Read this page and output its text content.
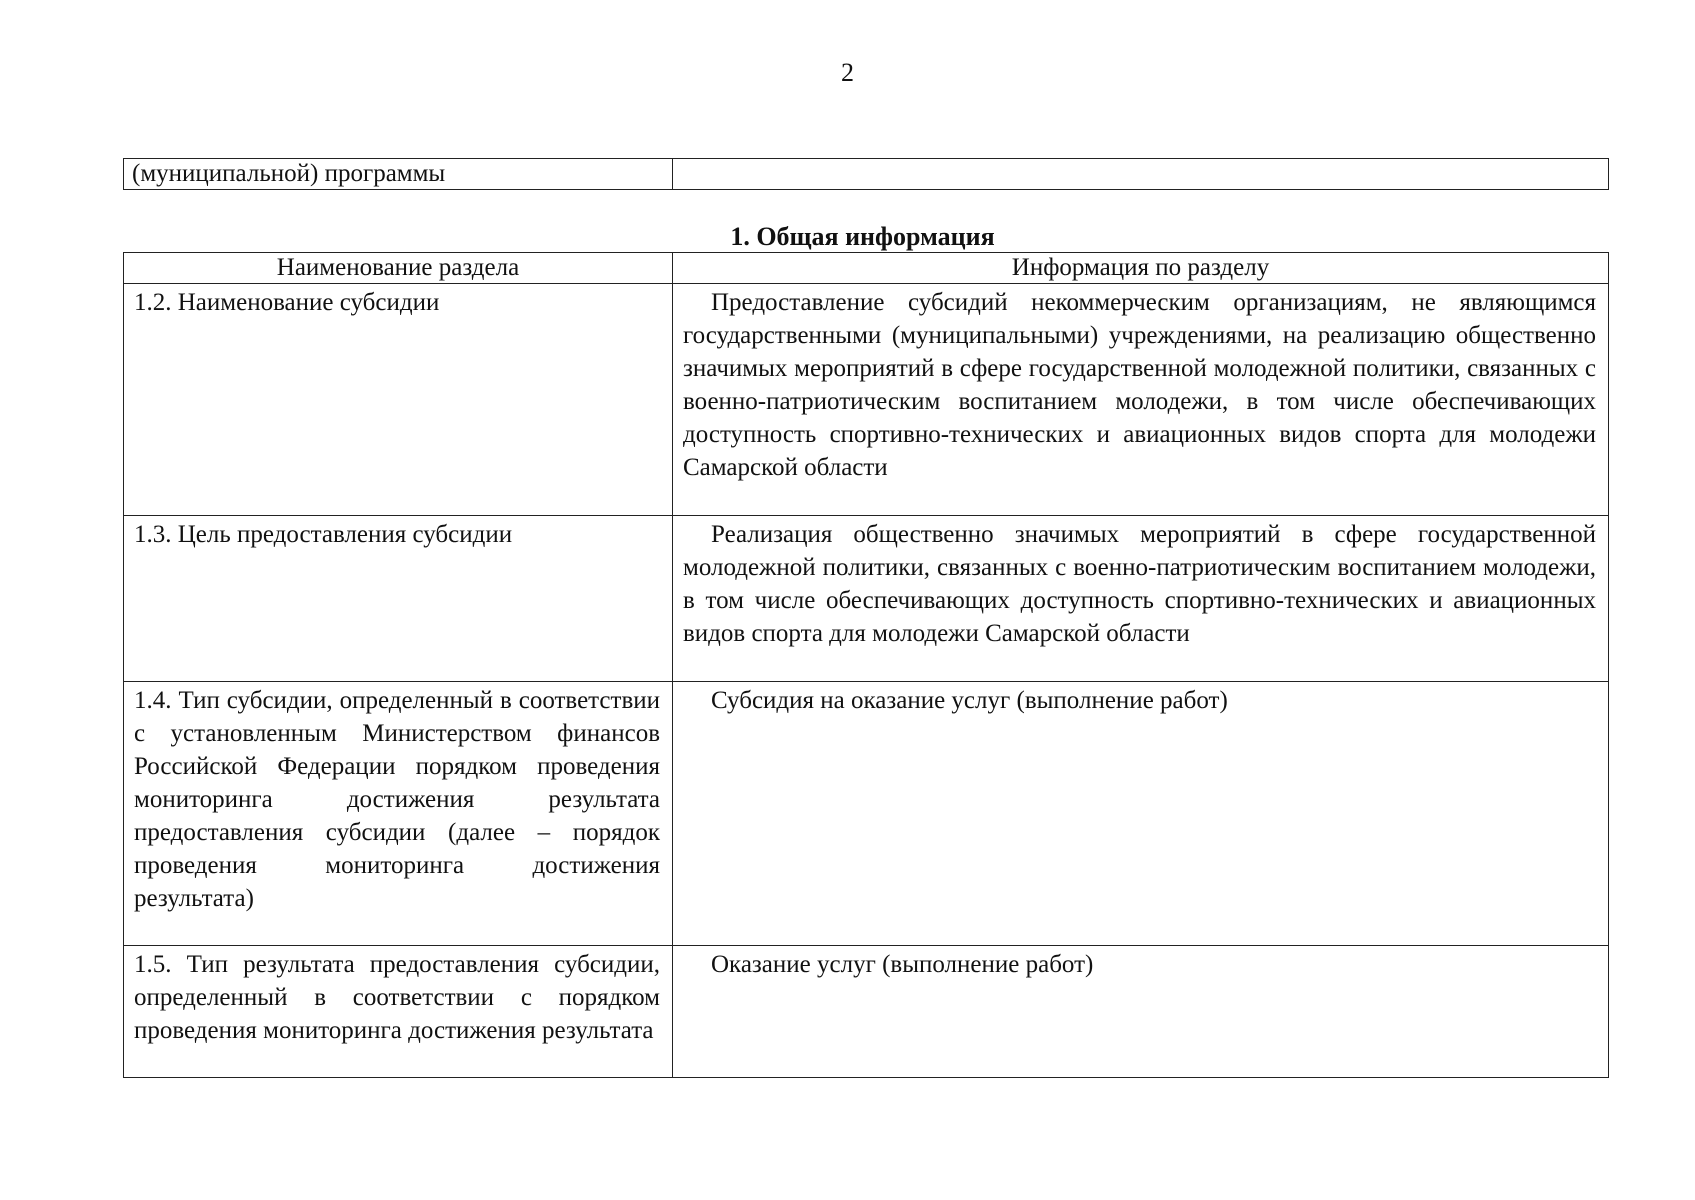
2
(муниципальной) программы	
1. Общая информация
Наименование раздела	Информация по разделу
1.2. Наименование субсидии	Предоставление субсидий некоммерческим организациям, не являющимся государственными (муниципальными) учреждениями, на реализацию общественно значимых мероприятий в сфере государственной молодежной политики, связанных с военно-патриотическим воспитанием молодежи, в том числе обеспечивающих доступность спортивно-технических и авиационных видов спорта для молодежи Самарской области
1.3. Цель предоставления субсидии	Реализация общественно значимых мероприятий в сфере государственной молодежной политики, связанных с военно-патриотическим воспитанием молодежи, в том числе обеспечивающих доступность спортивно-технических и авиационных видов спорта для молодежи Самарской области
1.4. Тип субсидии, определенный в соответствии с установленным Министерством финансов Российской Федерации порядком проведения мониторинга достижения результата предоставления субсидии (далее – порядок проведения мониторинга достижения результата)	Субсидия на оказание услуг (выполнение работ)
1.5. Тип результата предоставления субсидии, определенный в соответствии с порядком проведения мониторинга достижения результата	Оказание услуг (выполнение работ)
